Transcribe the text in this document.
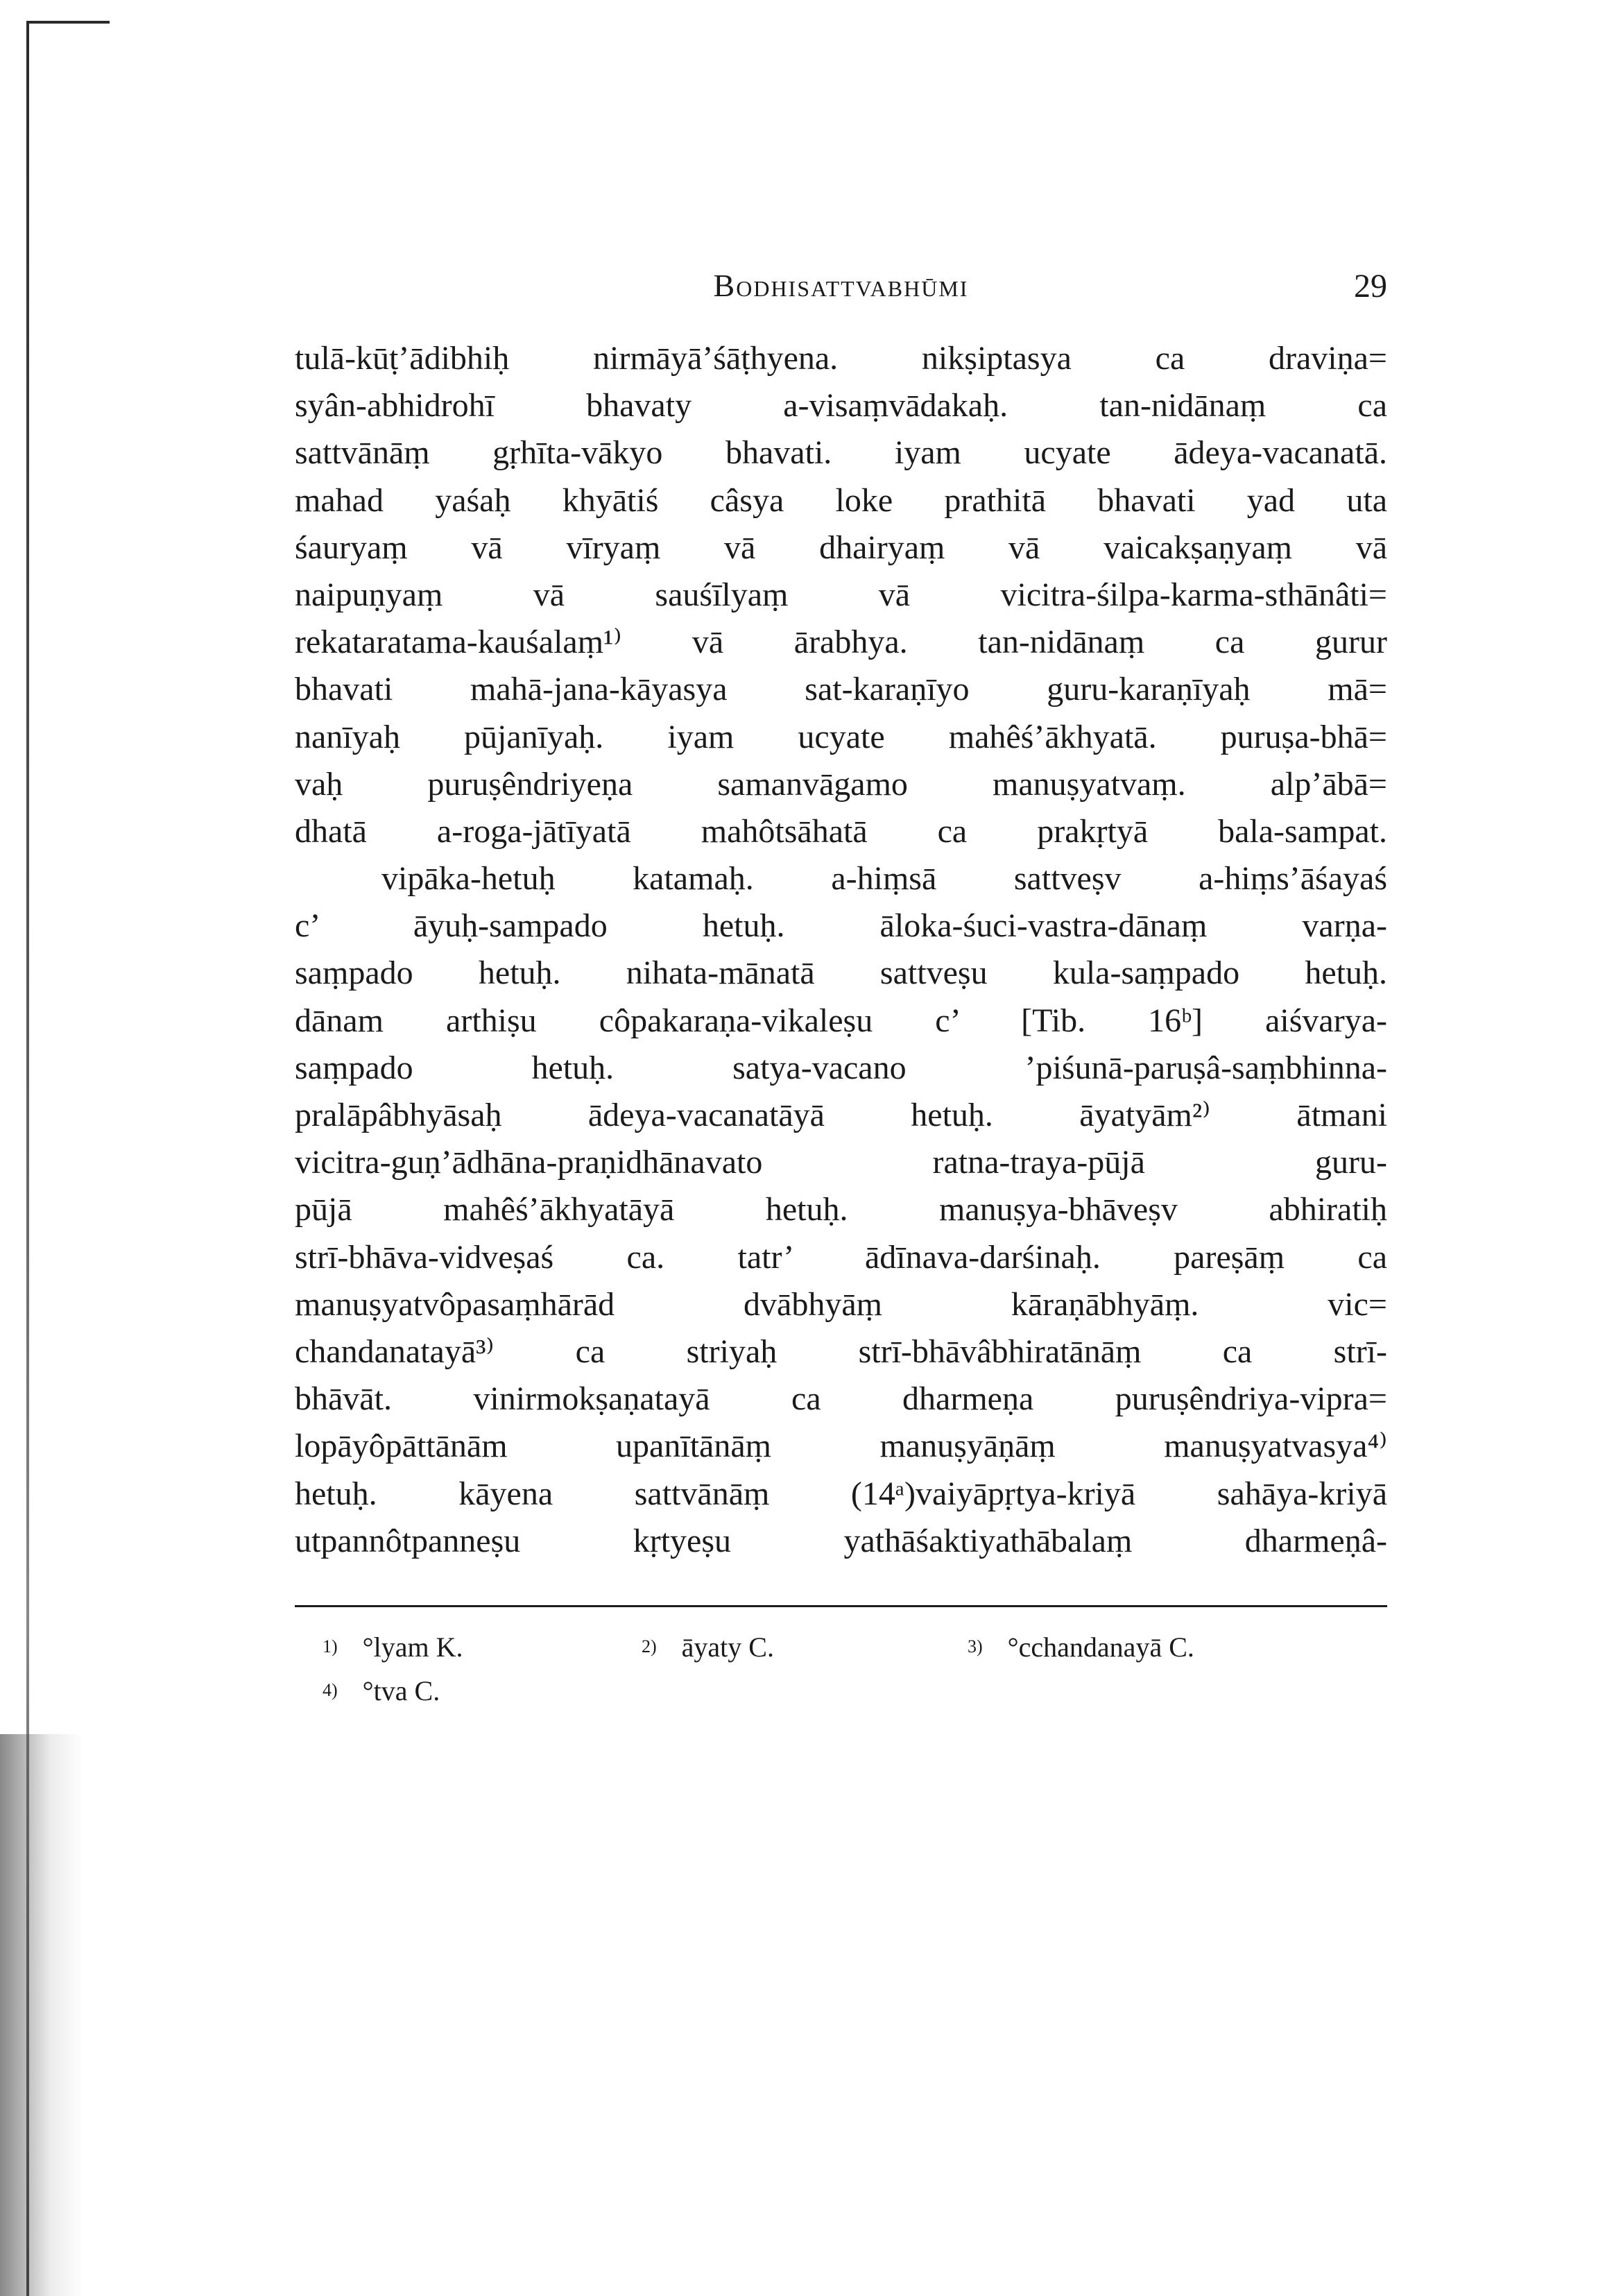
Bodhisattvabhūmi	29
tulā-kūṭ’ādibhiḥ nirmāyā’śāṭhyena. nikṣiptasya ca draviṇa=
syân-abhidrohī bhavaty a-visaṃvādakaḥ. tan-nidānaṃ ca
sattvānāṃ gṛhīta-vākyo bhavati. iyam ucyate ādeya-vacanatā.
mahad yaśaḥ khyātiś câsya loke prathitā bhavati yad uta
śauryaṃ vā vīryaṃ vā dhairyaṃ vā vaicakṣaṇyaṃ vā
naipuṇyaṃ vā sauśīlyaṃ vā vicitra-śilpa-karma-sthānâti=
rekataratama-kauśalaṃ¹⁾ vā ārabhya. tan-nidānaṃ ca gurur
bhavati mahā-jana-kāyasya sat-karaṇīyo guru-karaṇīyaḥ mā=
nanīyaḥ pūjanīyaḥ. iyam ucyate mahêś’ākhyatā. puruṣa-bhā=
vaḥ puruṣêndriyeṇa samanvāgamo manuṣyatvaṃ. alp’ābā=
dhatā a-roga-jātīyatā mahôtsāhatā ca prakṛtyā bala-sampat.
vipāka-hetuḥ katamaḥ. a-hiṃsā sattveṣv a-hiṃs’āśayaś
c’ āyuḥ-sampado hetuḥ. āloka-śuci-vastra-dānaṃ varṇa-
saṃpado hetuḥ. nihata-mānatā sattveṣu kula-saṃpado hetuḥ.
dānam arthiṣu côpakaraṇa-vikaleṣu c’ [Tib. 16ᵇ] aiśvarya-
saṃpado hetuḥ. satya-vacano ’piśunā-paruṣâ-saṃbhinna-
pralāpâbhyāsaḥ ādeya-vacanatāyā hetuḥ. āyatyām²⁾ ātmani
vicitra-guṇ’ādhāna-praṇidhānavato ratna-traya-pūjā guru-
pūjā mahêś’ākhyatāyā hetuḥ. manuṣya-bhāveṣv abhiratiḥ
strī-bhāva-vidveṣaś ca. tatr’ ādīnava-darśinaḥ. pareṣāṃ ca
manuṣyatvôpasaṃhārād dvābhyāṃ kāraṇābhyāṃ. vic=
chandanatayā³⁾ ca striyaḥ strī-bhāvâbhiratānāṃ ca strī-
bhāvāt. vinirmokṣaṇatayā ca dharmeṇa puruṣêndriya-vipra=
lopāyôpāttānām upanītānāṃ manuṣyāṇāṃ manuṣyatvasya⁴⁾
hetuḥ. kāyena sattvānāṃ (14ᵃ)vaiyāpṛtya-kriyā sahāya-kriyā
utpannôtpanneṣu kṛtyeṣu yathāśaktiyathābalaṃ dharmeṇâ-
1) °lyam K.	2) āyaty C.	3) °cchandanayā C.
4) °tva C.
